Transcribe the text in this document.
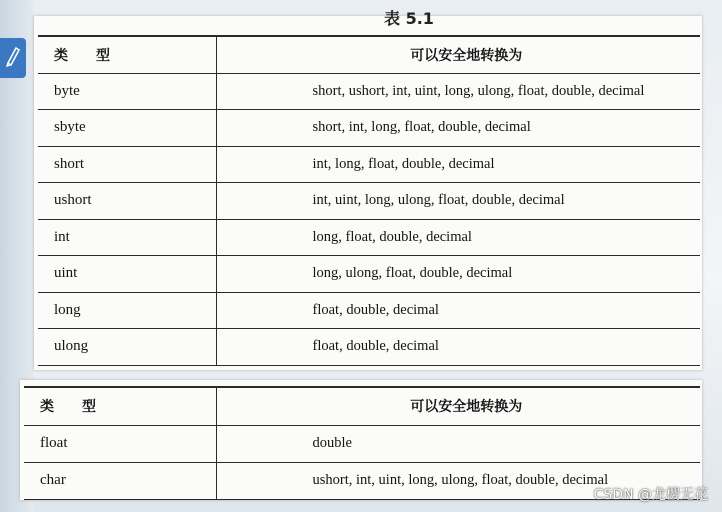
表 5.1
类　　型	可以安全地转换为
byte	short, ushort, int, uint, long, ulong, float, double, decimal
sbyte	short, int, long, float, double, decimal
short	int, long, float, double, decimal
ushort	int, uint, long, ulong, float, double, decimal
int	long, float, double, decimal
uint	long, ulong, float, double, decimal
long	float, double, decimal
ulong	float, double, decimal
类　　型	可以安全地转换为
float	double
char	ushort, int, uint, long, ulong, float, double, decimal
CSDN @龙樱无花
